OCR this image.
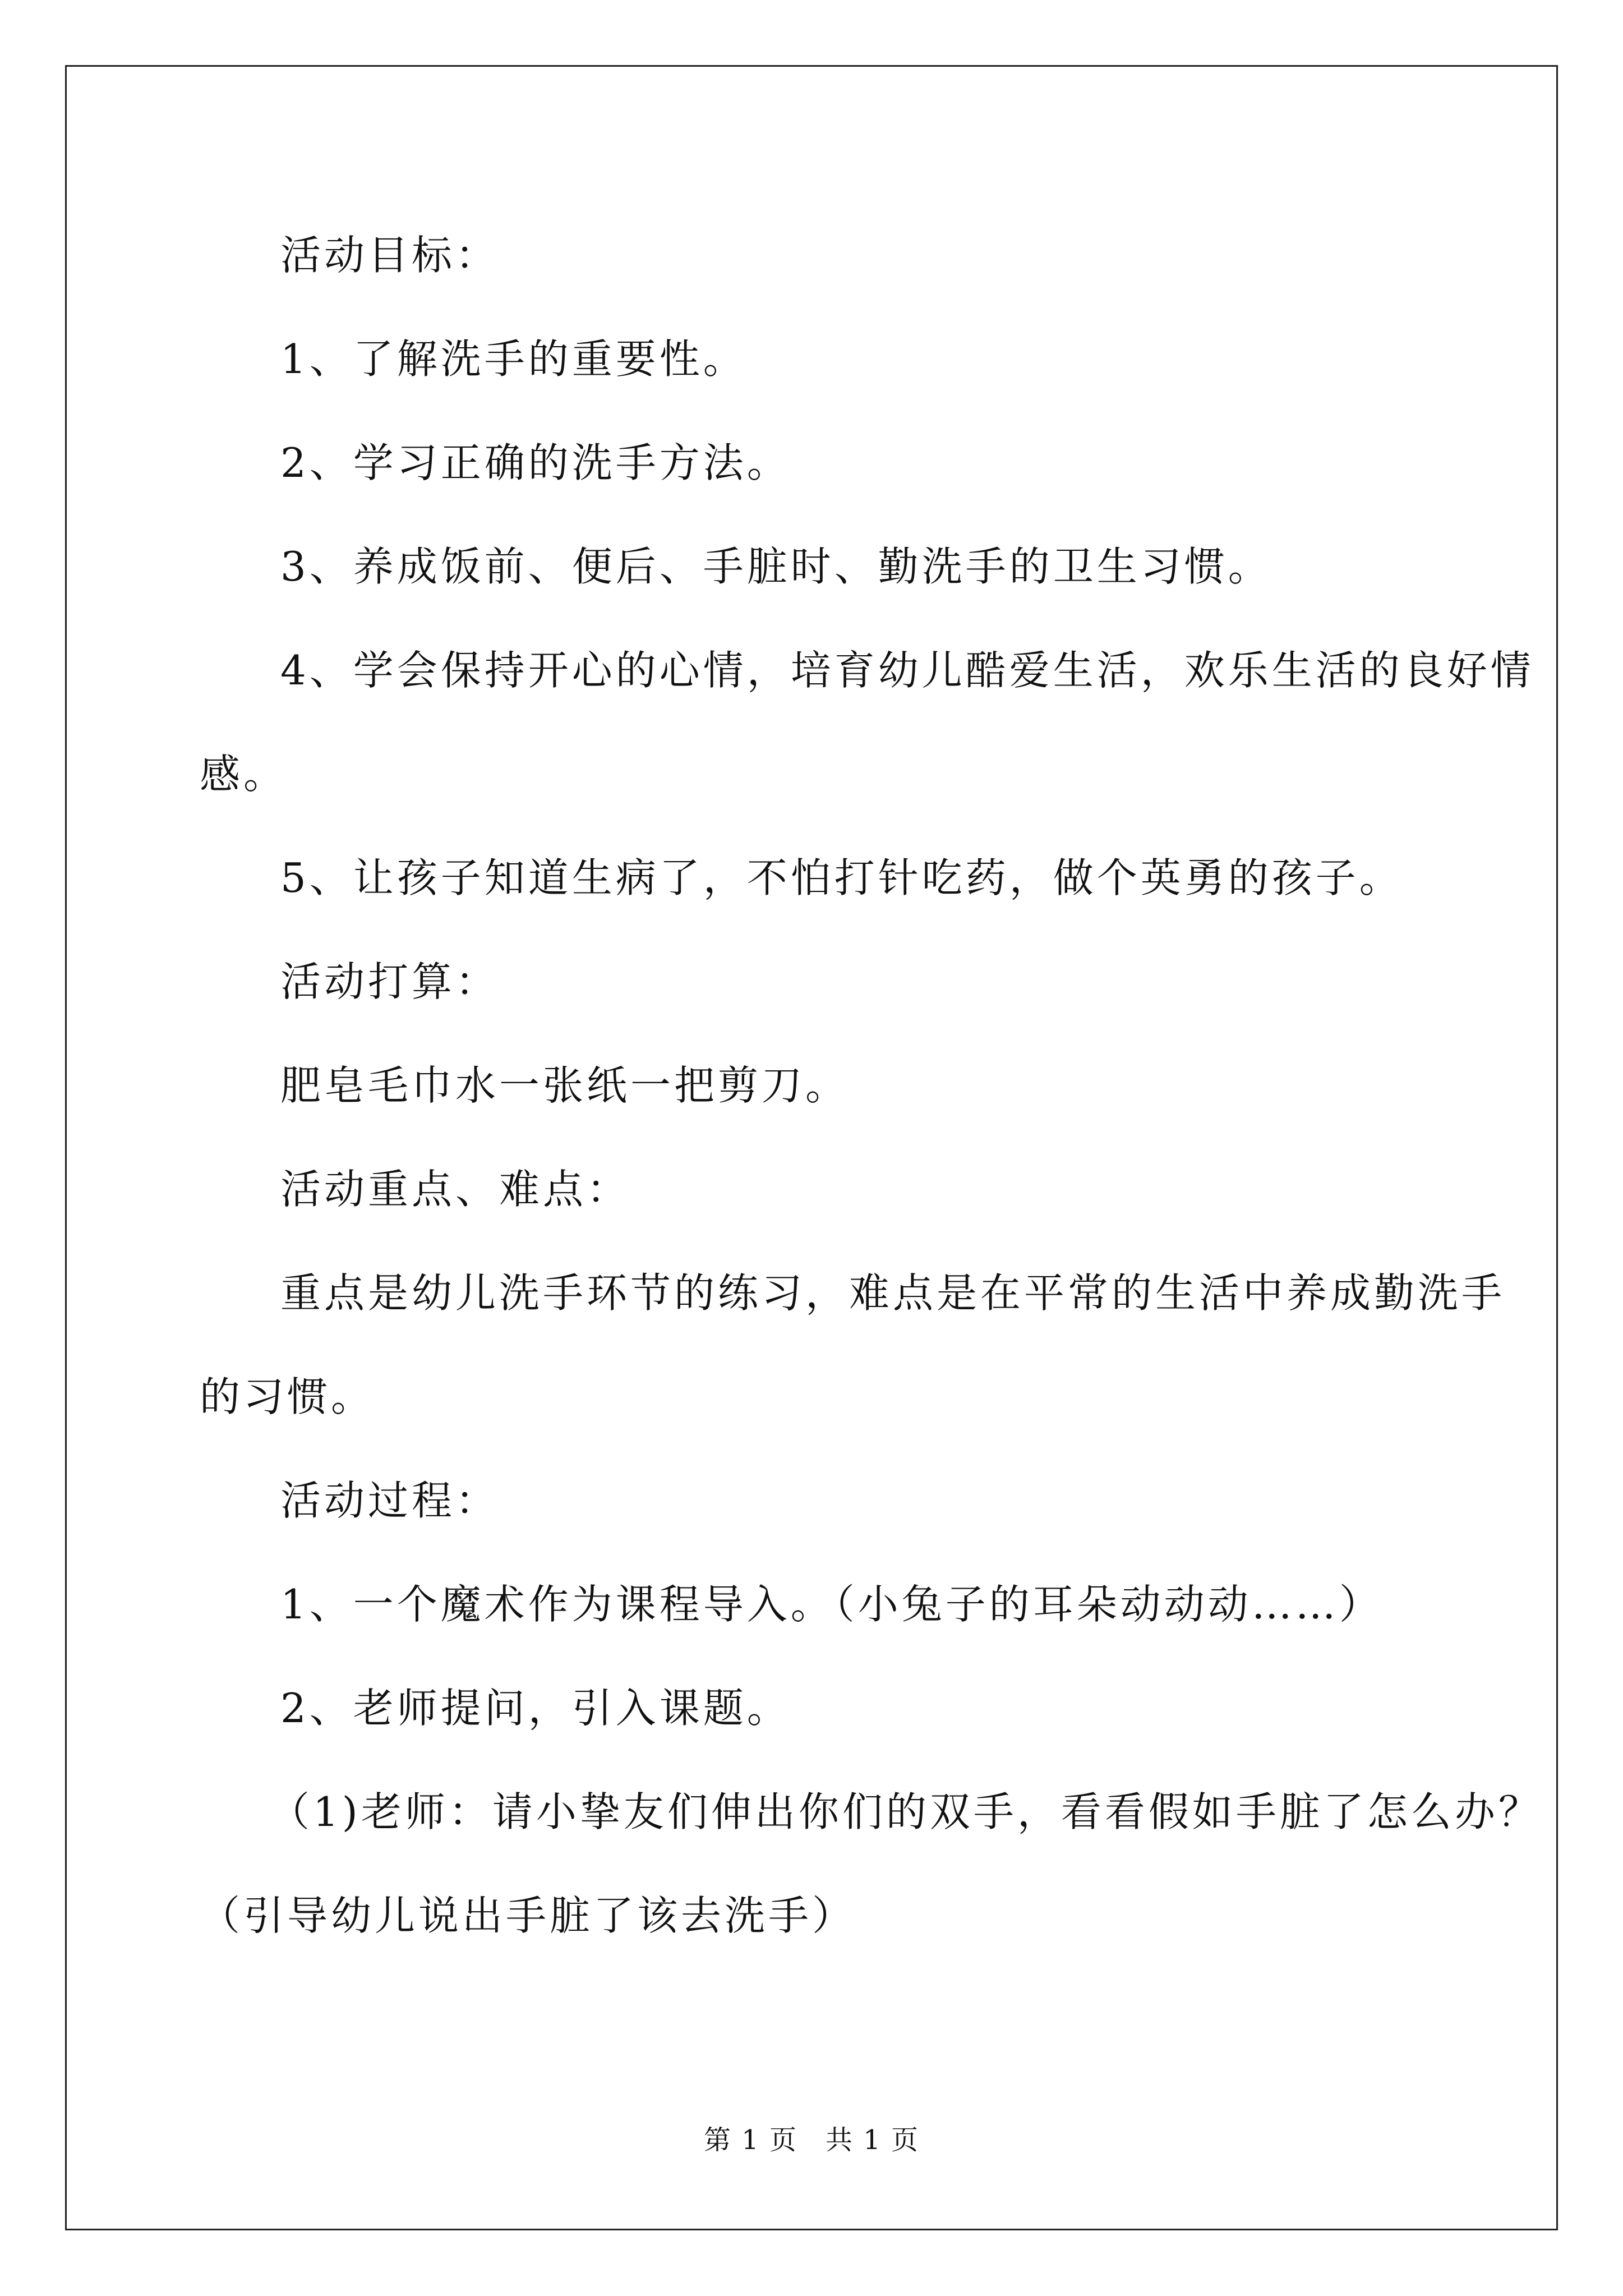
活动目标：
1、了解洗手的重要性。
2、学习正确的洗手方法。
3、养成饭前、便后、手脏时、勤洗手的卫生习惯。
4、学会保持开心的心情，培育幼儿酷爱生活，欢乐生活的良好情
感。
5、让孩子知道生病了，不怕打针吃药，做个英勇的孩子。
活动打算：
肥皂毛巾水一张纸一把剪刀。
活动重点、难点：
重点是幼儿洗手环节的练习，难点是在平常的生活中养成勤洗手
的习惯。
活动过程：
1、一个魔术作为课程导入。（小兔子的耳朵动动动……）
2、老师提问，引入课题。
（1)老师：请小挚友们伸出你们的双手，看看假如手脏了怎么办？
（引导幼儿说出手脏了该去洗手）
第 1 页　共 1 页
